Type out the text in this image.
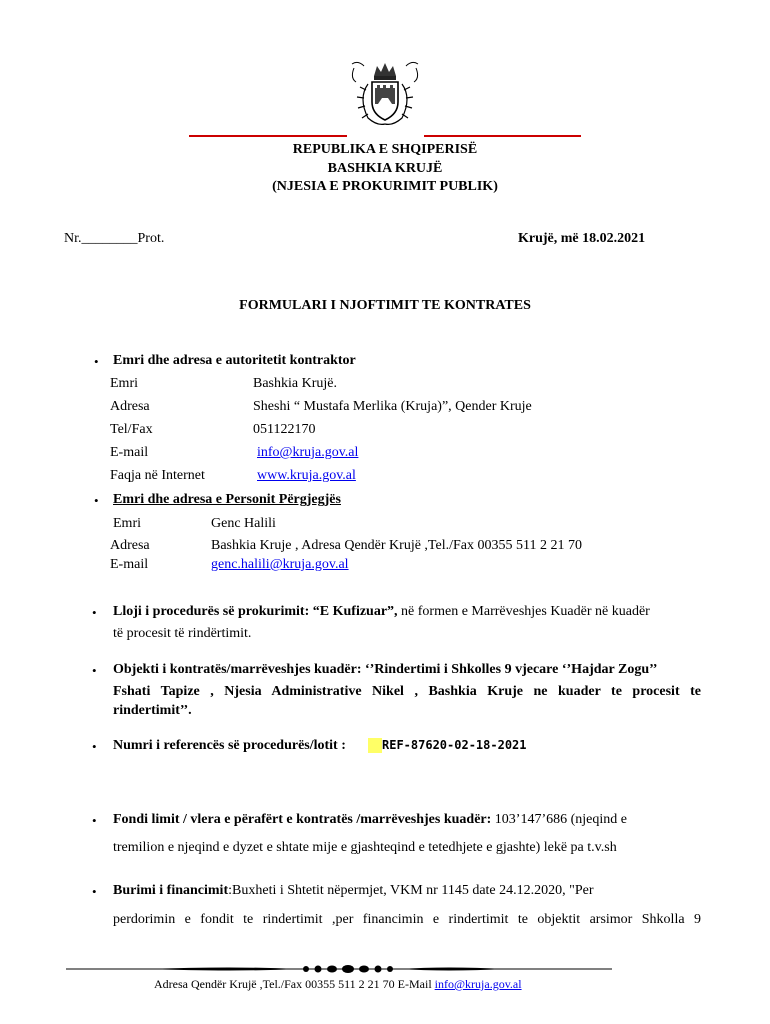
REPUBLIKA E SHQIPERISË
BASHKIA KRUJË
(NJESIA E PROKURIMIT PUBLIK)
Nr.________Prot.	Krujë, më 18.02.2021
FORMULARI I NJOFTIMIT TE KONTRATES
• Emri dhe adresa e autoritetit kontraktor
Emri	Bashkia Krujë.
Adresa	Sheshi “ Mustafa Merlika (Kruja)”, Qender Kruje
Tel/Fax	051122170
E-mail	info@kruja.gov.al
Faqja në Internet	www.kruja.gov.al
• Emri dhe adresa e Personit Përgjegjës
Emri	Genc Halili
Adresa	Bashkia Kruje , Adresa Qendër Krujë ,Tel./Fax 00355 511 2 21 70
E-mail	genc.halili@kruja.gov.al
• Lloji i procedurës së prokurimit: “E Kufizuar”, në formen e Marrëveshjes Kuadër në kuadër
të procesit të rindërtimit.
• Objekti i kontratës/marrëveshjes kuadër: ‘’Rindertimi i Shkolles 9 vjecare ‘’Hajdar Zogu’’
Fshati Tapize , Njesia Administrative Nikel , Bashkia Kruje ne kuader te procesit te
rindertimit’’.
• Numri i referencës së procedurës/lotit :	REF-87620-02-18-2021
• Fondi limit / vlera e përafërt e kontratës /marrëveshjes kuadër: 103’147’686 (njeqind e
tremilion e njeqind e dyzet e shtate mije e gjashteqind e tetedhjete e gjashte) lekë pa t.v.sh
• Burimi i financimit:Buxheti i Shtetit nëpermjet, VKM nr 1145 date 24.12.2020, "Per
perdorimin e fondit te rindertimit ,per financimin e rindertimit te objektit arsimor Shkolla 9
Adresa Qendër Krujë ,Tel./Fax 00355 511 2 21 70 E-Mail info@kruja.gov.al
